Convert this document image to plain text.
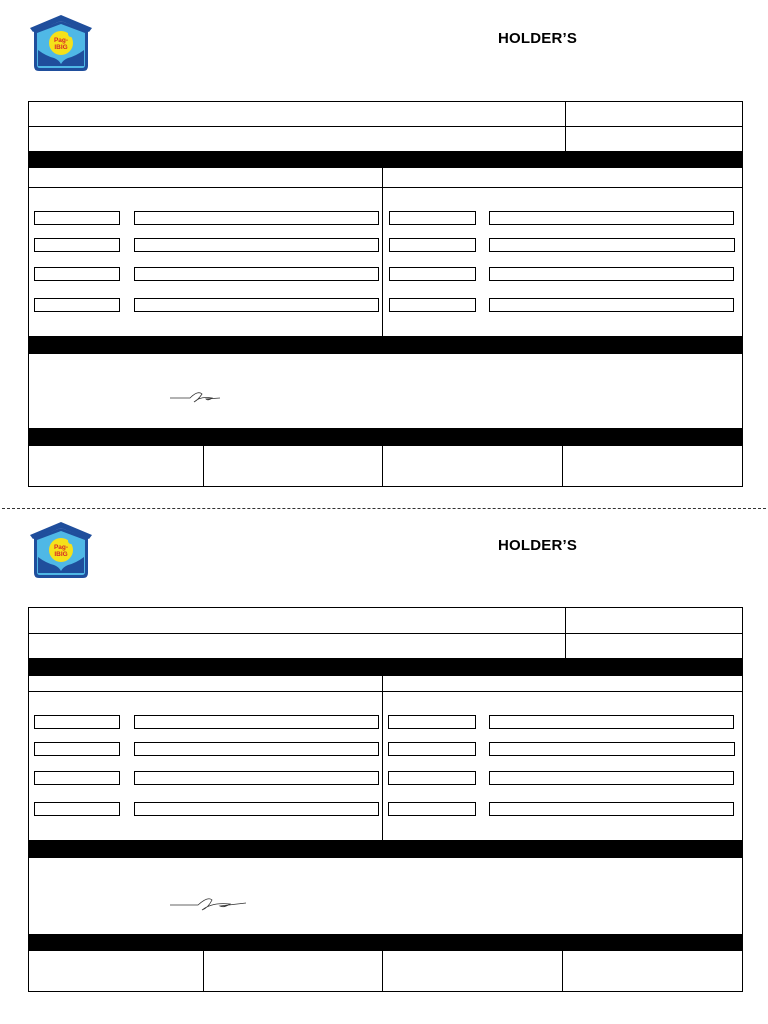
Pag-
IBIG
HOLDER’S
Pag-
IBIG
HOLDER’S
